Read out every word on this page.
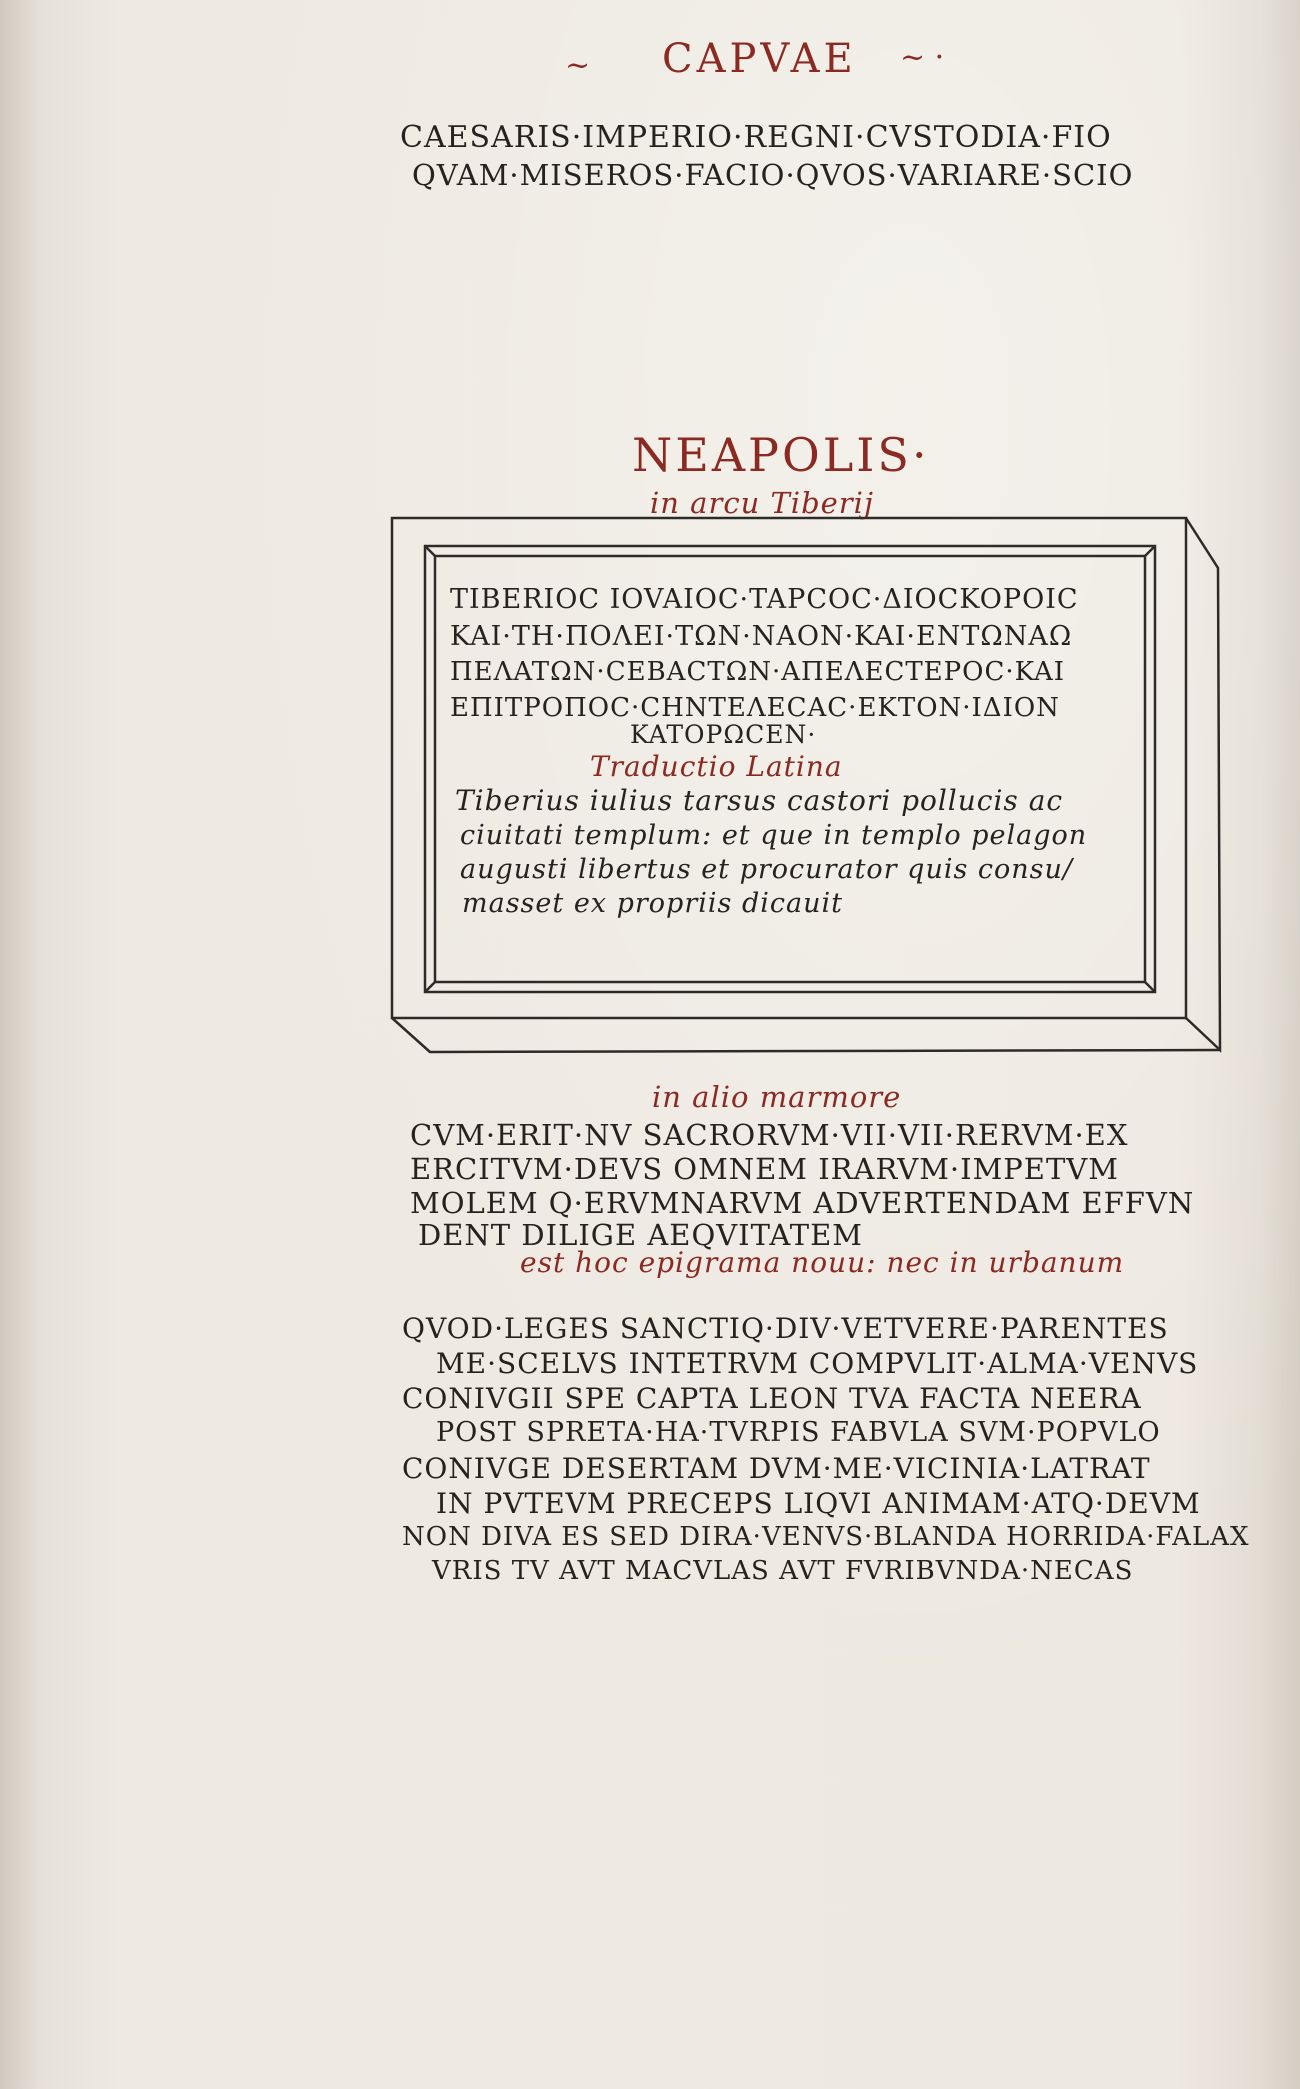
~ CAPVAE ~ ·
CAESARIS·IMPERIO·REGNI·CVSTODIA·FIO
QVAM·MISEROS·FACIO·QVOS·VARIARE·SCIO
NEAPOLIS·
in arcu Tiberij
TIBERIOC IOVAIOC·TAPCOC·ΔIOCKOPOIC
KAI·TH·ΠOΛEI·TΩN·NAON·KAI·ENTΩNAΩ
ΠEΛATΩN·CEBACTΩN·AΠEΛECTEPOC·KAI
EΠITPOΠOC·CHNTEΛECAC·EKTON·IΔION
KATOPΩCEN·
Traductio Latina
Tiberius iulius tarsus castori pollucis ac
ciuitati templum: et que in templo pelagon
augusti libertus et procurator quis consu/
masset ex propriis dicauit
in alio marmore
CVM·ERIT·NV SACRORVM·VII·VII·RERVM·EX
ERCITVM·DEVS OMNEM IRARVM·IMPETVM
MOLEM Q·ERVMNARVM ADVERTENDAM EFFVN
DENT DILIGE AEQVITATEM
est hoc epigrama nouu: nec in urbanum
QVOD·LEGES SANCTIQ·DIV·VETVERE·PARENTES
ME·SCELVS INTETRVM COMPVLIT·ALMA·VENVS
CONIVGII SPE CAPTA LEON TVA FACTA NEERA
POST SPRETA·HA·TVRPIS FABVLA SVM·POPVLO
CONIVGE DESERTAM DVM·ME·VICINIA·LATRAT
IN PVTEVM PRECEPS LIQVI ANIMAM·ATQ·DEVM
NON DIVA ES SED DIRA·VENVS·BLANDA HORRIDA·FALAX
VRIS TV AVT MACVLAS AVT FVRIBVNDA·NECAS
